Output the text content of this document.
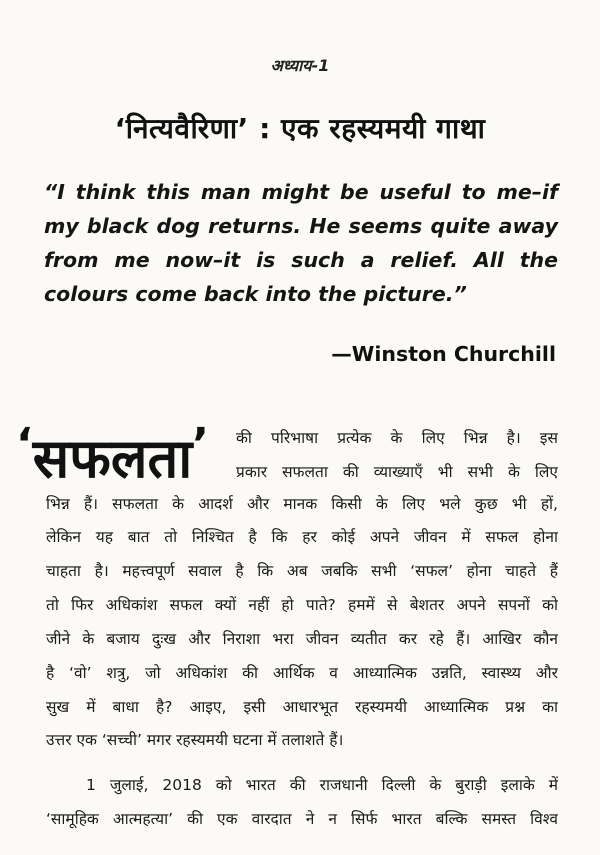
अध्याय-1
‘नित्यवैरिणा’ : एक रहस्यमयी गाथा
“I think this man might be useful to me–if my black dog returns. He seems quite away from me now–it is such a relief. All the colours come back into the picture.”
—Winston Churchill
‘सफलता’	की परिभाषा प्रत्येक के लिए भिन्न है। इस
प्रकार सफलता की व्याख्याएँ भी सभी के लिए
भिन्न हैं। सफलता के आदर्श और मानक किसी के लिए भले कुछ भी हों,
लेकिन यह बात तो निश्चित है कि हर कोई अपने जीवन में सफल होना
चाहता है। महत्त्वपूर्ण सवाल है कि अब जबकि सभी ‘सफल’ होना चाहते हैं
तो फिर अधिकांश सफल क्यों नहीं हो पाते? हममें से बेशतर अपने सपनों को
जीने के बजाय दुःख और निराशा भरा जीवन व्यतीत कर रहे हैं। आखिर कौन
है ‘वो’ शत्रु, जो अधिकांश की आर्थिक व आध्यात्मिक उन्नति, स्वास्थ्य और
सुख में बाधा है? आइए, इसी आधारभूत रहस्यमयी आध्यात्मिक प्रश्न का
उत्तर एक ‘सच्ची’ मगर रहस्यमयी घटना में तलाशते हैं।
1 जुलाई, 2018 को भारत की राजधानी दिल्ली के बुराड़ी इलाके में
‘सामूहिक आत्महत्या’ की एक वारदात ने न सिर्फ भारत बल्कि समस्त विश्व
